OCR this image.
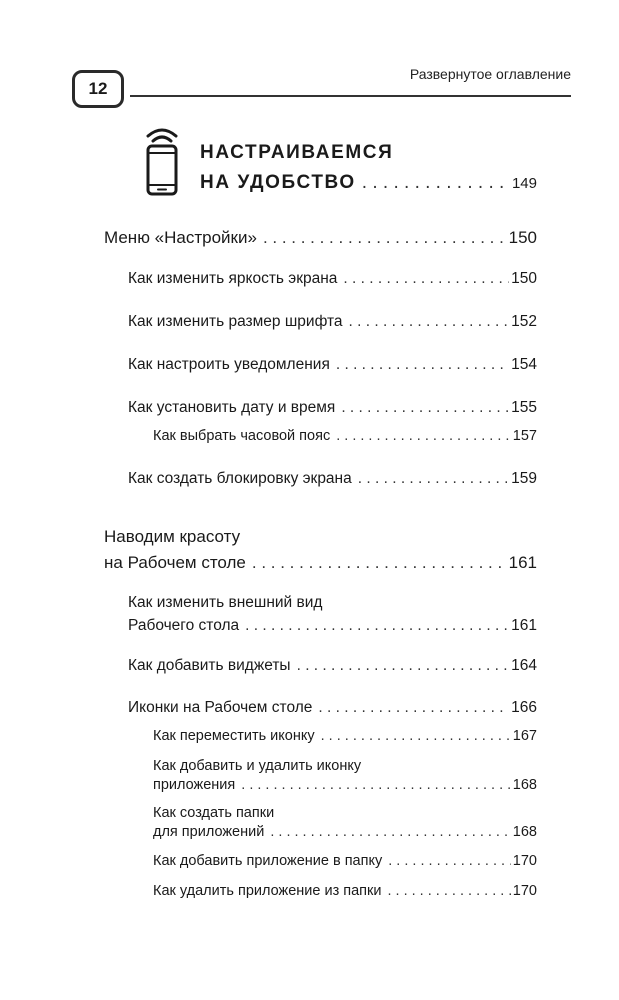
12
Развернутое оглавление
НАСТРАИВАЕМСЯ
НА УДОБСТВО . . .	149
Меню «Настройки» . . .	150
Как изменить яркость экрана . . .	150
Как изменить размер шрифта . . .	152
Как настроить уведомления . . .	154
Как установить дату и время . . .	155
Как выбрать часовой пояс . . .	157
Как создать блокировку экрана . . .	159
Наводим красоту
на Рабочем столе . . .	161
Как изменить внешний вид
Рабочего стола . . .	161
Как добавить виджеты . . .	164
Иконки на Рабочем столе . . .	166
Как переместить иконку . . .	167
Как добавить и удалить иконку
приложения . . .	168
Как создать папки
для приложений . . .	168
Как добавить приложение в папку . . .	170
Как удалить приложение из папки . . .	170
